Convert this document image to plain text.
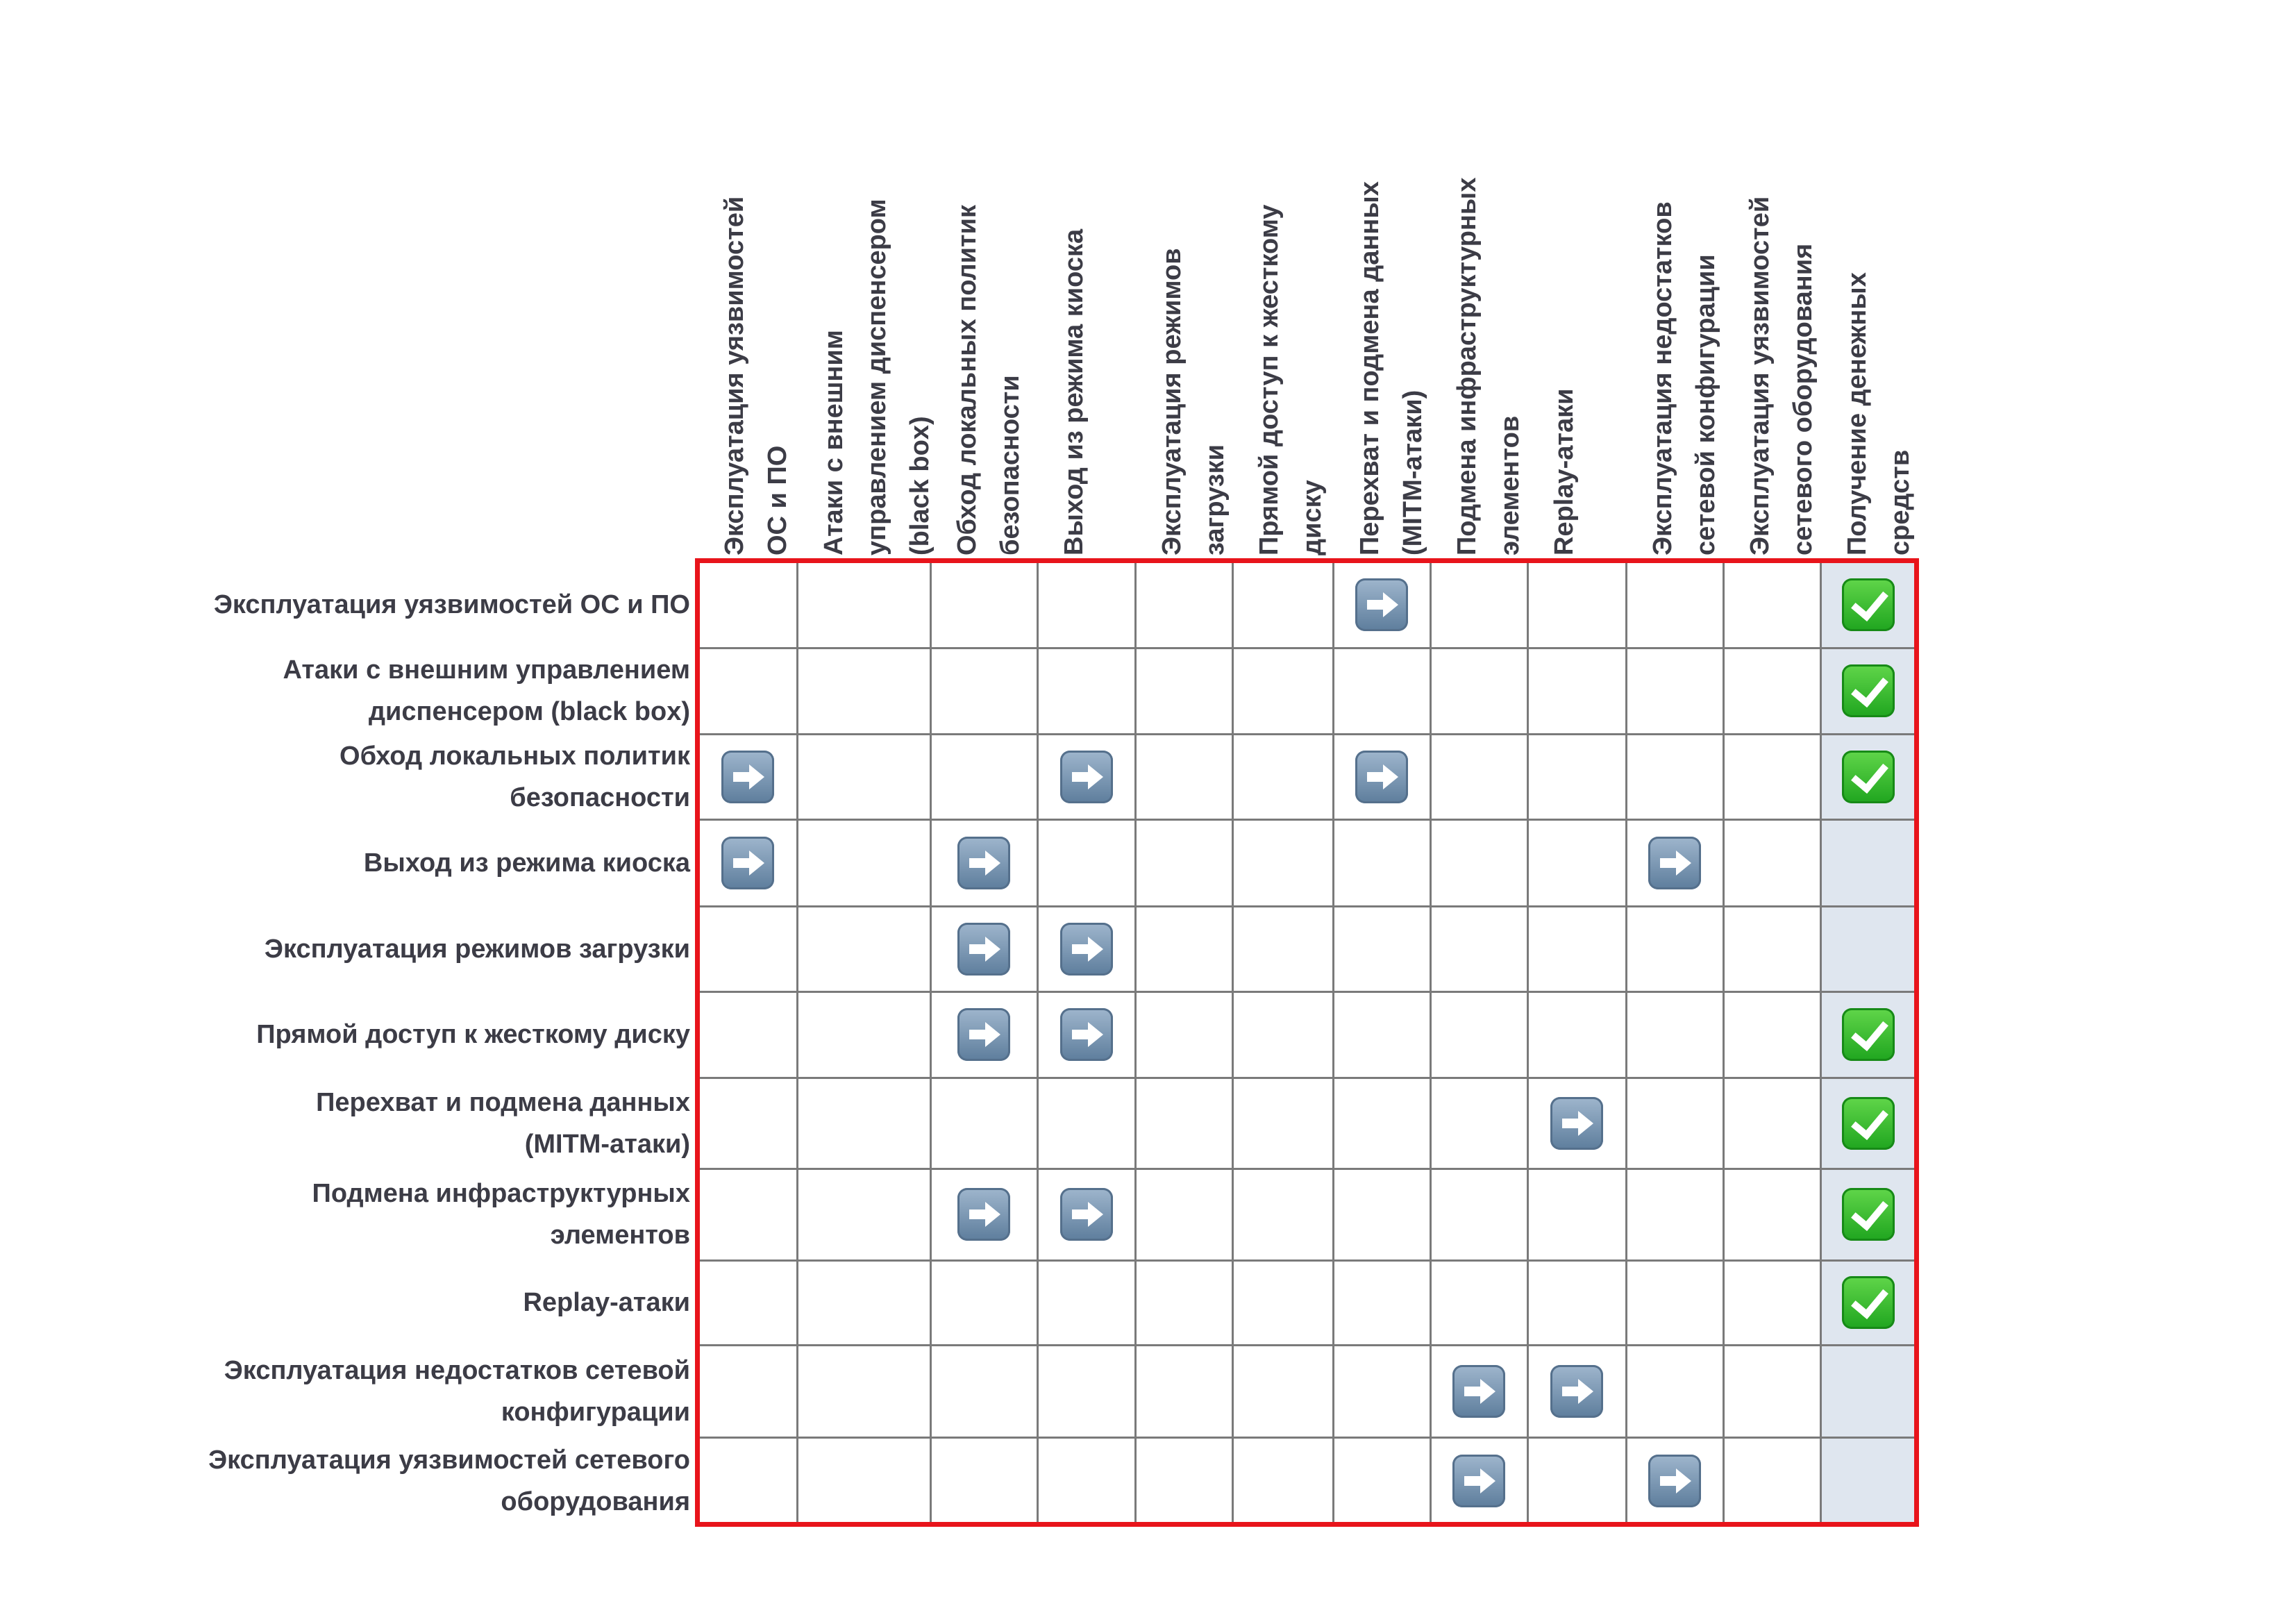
Эксплуатация уязвимостей ОС и ПО Атаки с внешним управлением диспенсером (black box) Обход локальных политик безопасности Выход из режима киоска	Эксплуатация режимов загрузки Прямой доступ к жесткому диску Перехват и подмена данных (MITM-атаки) Подмена инфраструктурных элементов Replay-атаки	Эксплуатация недостатков сетевой конфигурации Эксплуатация уязвимостей сетевого оборудования Получение денежных средств
Эксплуатация уязвимостей ОС и ПО
Атаки с внешним управлением
диспенсером (black box)
Обход локальных политик
безопасности
Выход из режима киоска
Эксплуатация режимов загрузки
Прямой доступ к жесткому диску
Перехват и подмена данных
(MITM-атаки)
Подмена инфраструктурных
элементов
Replay-атаки
Эксплуатация недостатков сетевой
конфигурации
Эксплуатация уязвимостей сетевого
оборудования
